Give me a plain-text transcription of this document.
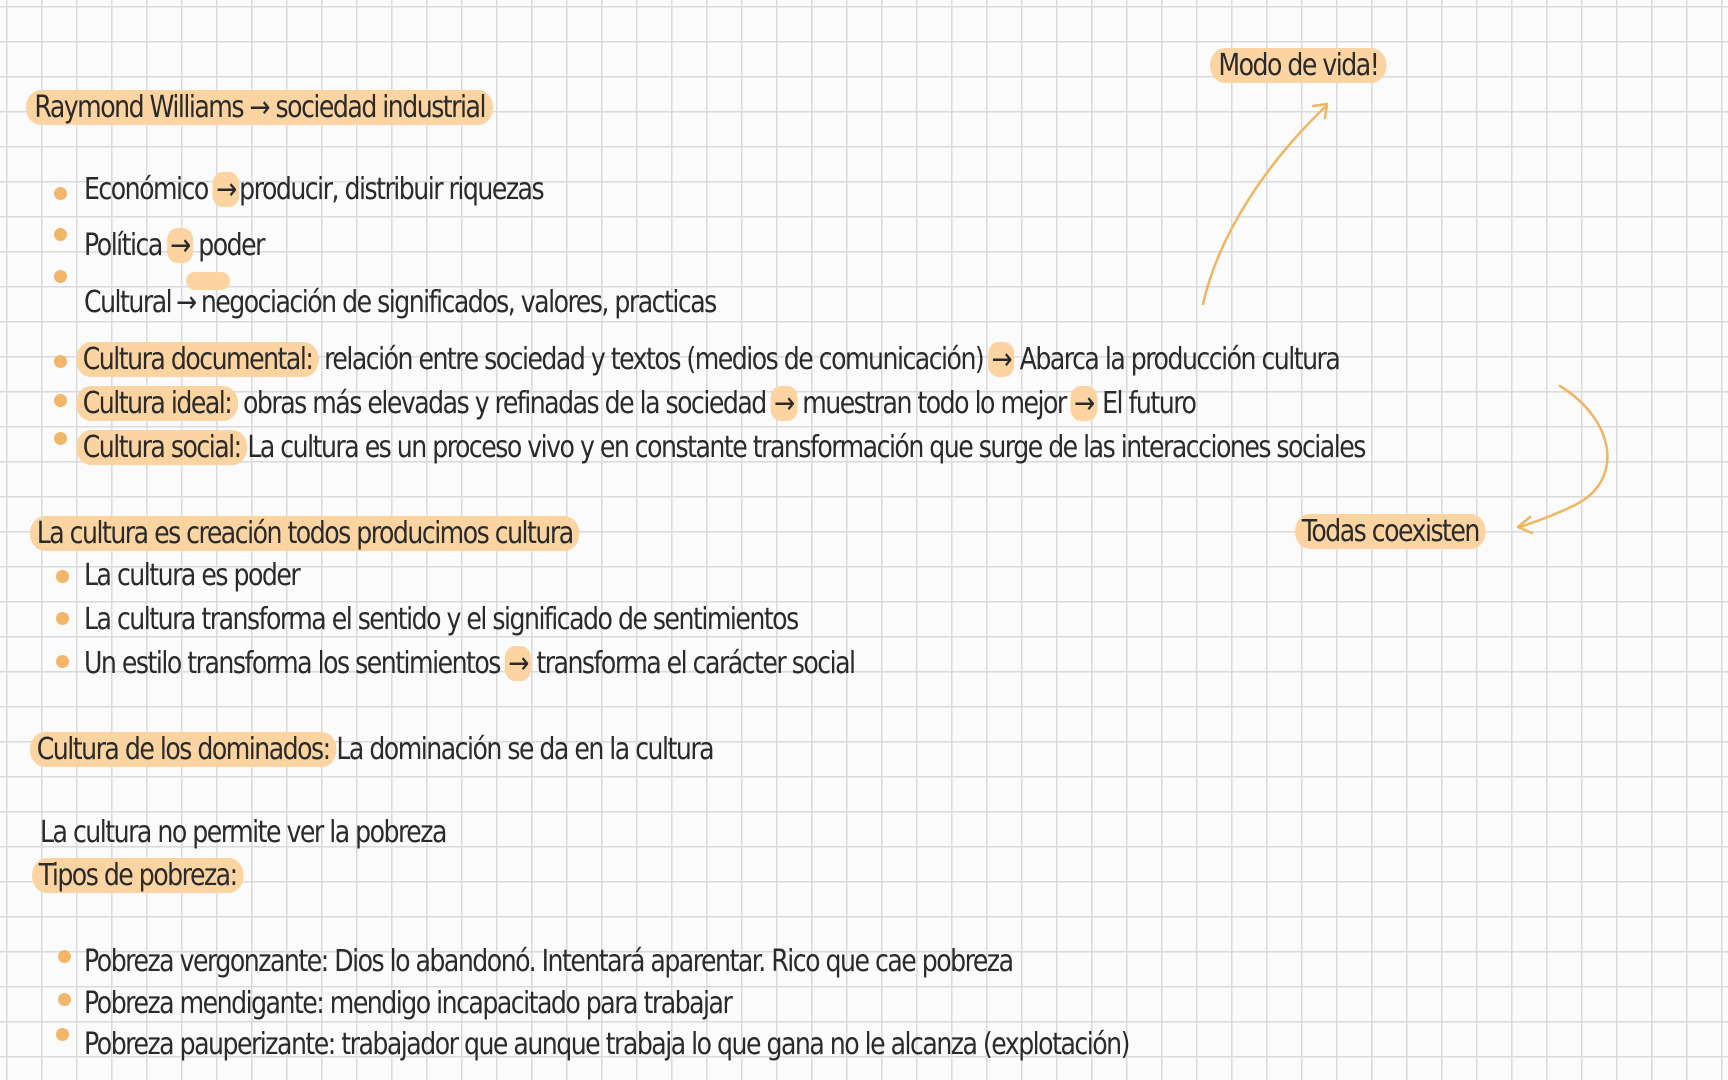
Modo de vida!
Raymond Williams → sociedad industrial
Económico → producir, distribuir riquezas
Política → poder
Cultural → negociación de significados, valores, practicas
Cultura documental: relación entre sociedad y textos (medios de comunicación) → Abarca la producción cultura
Cultura ideal: obras más elevadas y refinadas de la sociedad → muestran todo lo mejor → El futuro
Cultura social: La cultura es un proceso vivo y en constante transformación que surge de las interacciones sociales
Todas coexisten
La cultura es creación todos producimos cultura
La cultura es poder
La cultura transforma el sentido y el significado de sentimientos
Un estilo transforma los sentimientos → transforma el carácter social
Cultura de los dominados: La dominación se da en la cultura
La cultura no permite ver la pobreza
Tipos de pobreza:
Pobreza vergonzante: Dios lo abandonó. Intentará aparentar. Rico que cae pobreza
Pobreza mendigante: mendigo incapacitado para trabajar
Pobreza pauperizante: trabajador que aunque trabaja lo que gana no le alcanza (explotación)
